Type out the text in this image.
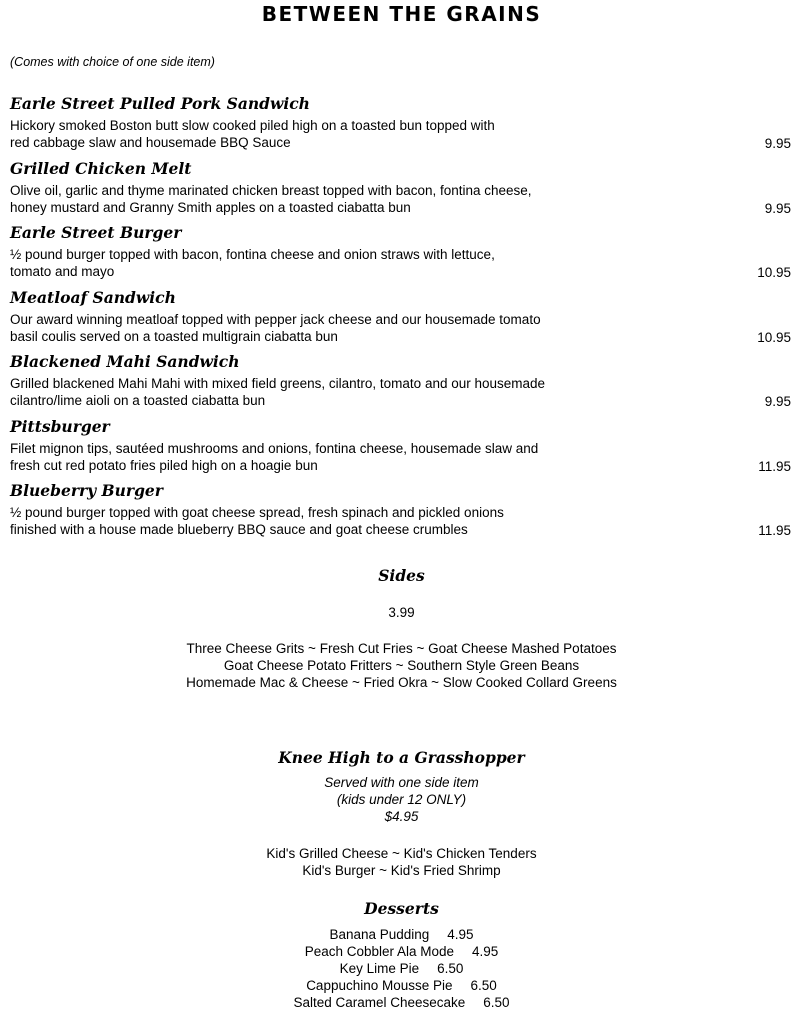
BETWEEN THE GRAINS

(Comes with choice of one side item)

Earle Street Pulled Pork Sandwich
Hickory smoked Boston butt slow cooked piled high on a toasted bun topped with
red cabbage slaw and housemade BBQ Sauce	9.95
Grilled Chicken Melt
Olive oil, garlic and thyme marinated chicken breast topped with bacon, fontina cheese,
honey mustard and Granny Smith apples on a toasted ciabatta bun	9.95
Earle Street Burger
½ pound burger topped with bacon, fontina cheese and onion straws with lettuce,
tomato and mayo	10.95
Meatloaf Sandwich
Our award winning meatloaf topped with pepper jack cheese and our housemade tomato
basil coulis served on a toasted multigrain ciabatta bun	10.95
Blackened Mahi Sandwich
Grilled blackened Mahi Mahi with mixed field greens, cilantro, tomato and our housemade
cilantro/lime aioli on a toasted ciabatta bun	9.95
Pittsburger
Filet mignon tips, sautéed mushrooms and onions, fontina cheese, housemade slaw and
fresh cut red potato fries piled high on a hoagie bun	11.95
Blueberry Burger
½ pound burger topped with goat cheese spread, fresh spinach and pickled onions
finished with a house made blueberry BBQ sauce and goat cheese crumbles	11.95
Sides
3.99
Three Cheese Grits ~ Fresh Cut Fries ~ Goat Cheese Mashed Potatoes
Goat Cheese Potato Fritters ~ Southern Style Green Beans
Homemade Mac & Cheese ~ Fried Okra ~ Slow Cooked Collard Greens
Knee High to a Grasshopper
Served with one side item
(kids under 12 ONLY)
$4.95
Kid's Grilled Cheese ~ Kid's Chicken Tenders
Kid's Burger ~ Kid's Fried Shrimp
Desserts
Banana Pudding 4.95
Peach Cobbler Ala Mode 4.95
Key Lime Pie 6.50
Cappuchino Mousse Pie 6.50
Salted Caramel Cheesecake 6.50
